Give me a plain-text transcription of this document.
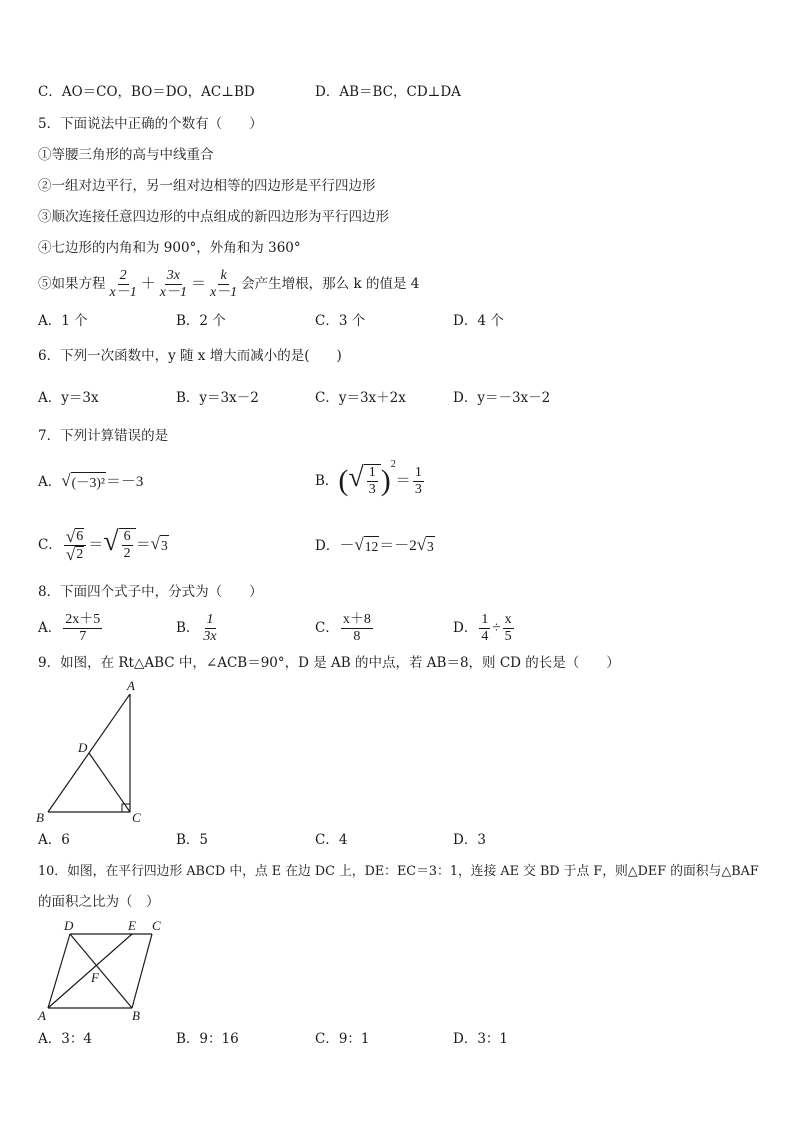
C．AO＝CO，BO＝DO，AC⊥BD	D．AB＝BC，CD⊥DA
5．下面说法中正确的个数有（　　）
①等腰三角形的高与中线重合
②一组对边平行，另一组对边相等的四边形是平行四边形
③顺次连接任意四边形的中点组成的新四边形为平行四边形
④七边形的内角和为 900°，外角和为 360°
⑤如果方程 $\frac{2}{x-1} + \frac{3x}{x-1} = \frac{k}{x-1}$ 会产生增根，那么 k 的值是 4
A．1 个	B．2 个	C．3 个	D．4 个
6．下列一次函数中，y 随 x 增大而减小的是(　　)
A．y＝3x	B．y＝3x－2	C．y＝3x＋2x	D．y＝－3x－2
7．下列计算错误的是
A． √ (－3)² ＝－3	B． ( √ $\frac{1}{3}$ ) 2
＝ $\frac{1}{3}$
C． $\frac{√ 6}{√ 2}$ ＝ √ $\frac{6}{2}$ ＝ √ 3	D． － √ 12 ＝－2 √ 3
8．下面四个式子中，分式为（　　）
A． $\frac{2x+5}{7}$	B． $\frac{1}{3x}$	C． $\frac{x+8}{8}$	D． $\frac{1}{4} \div \frac{x}{5}$
9．如图，在 Rt△ABC 中，∠ACB＝90°，D 是 AB 的中点，若 AB＝8，则 CD 的长是（　　）
A
D
B	C
A．6	B．5	C．4	D．3
10．如图，在平行四边形 ABCD 中，点 E 在边 DC 上，DE：EC＝3：1，连接 AE 交 BD 于点 F，则△DEF 的面积与△BAF
的面积之比为（　）
D	E C
F
A	B
A．3：4	B．9：16	C．9：1	D．3：1
